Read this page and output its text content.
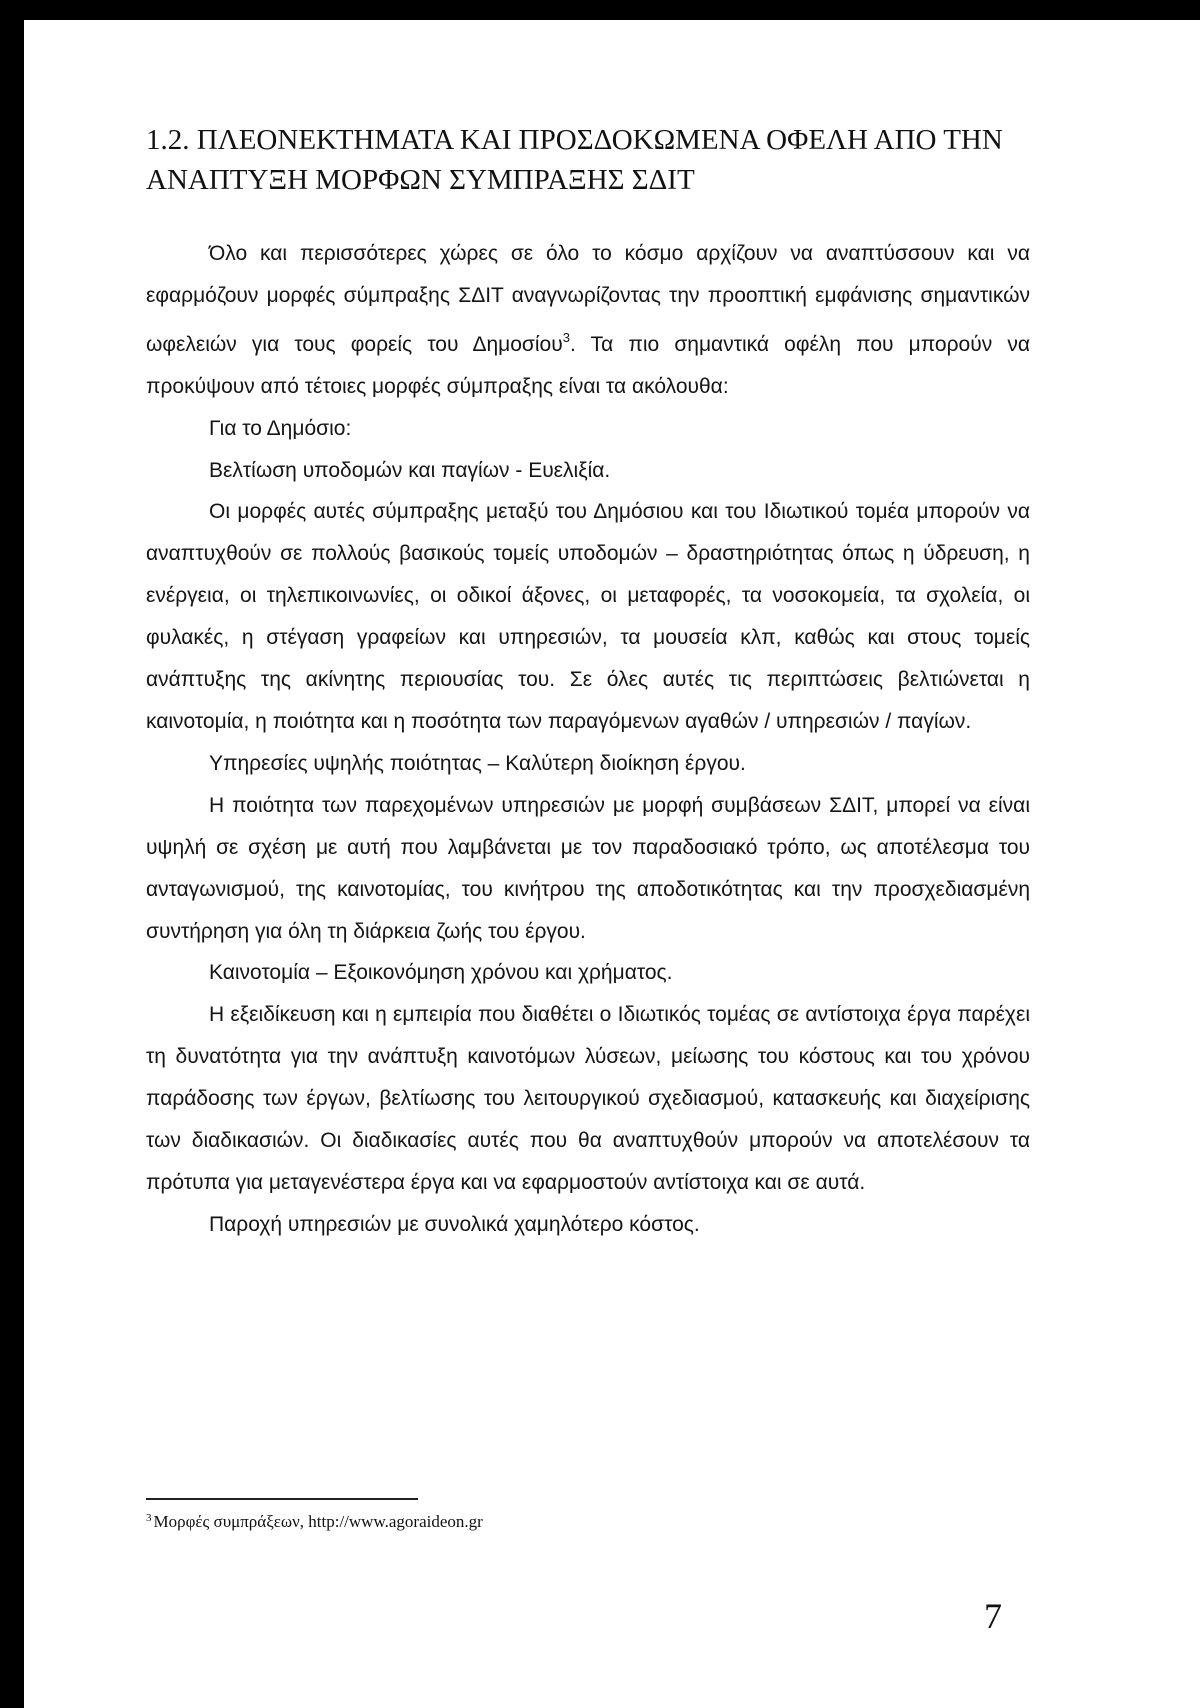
1.2. ΠΛΕΟΝΕΚΤΗΜΑΤΑ ΚΑΙ ΠΡΟΣΔΟΚΩΜΕΝΑ ΟΦΕΛΗ ΑΠΟ ΤΗΝ
ΑΝΑΠΤΥΞΗ ΜΟΡΦΩΝ ΣΥΜΠΡΑΞΗΣ ΣΔΙΤ

Όλο και περισσότερες χώρες σε όλο το κόσμο αρχίζουν να αναπτύσσουν και να εφαρμόζουν μορφές σύμπραξης ΣΔΙΤ αναγνωρίζοντας την προοπτική εμφάνισης σημαντικών ωφελειών για τους φορείς του Δημοσίου$^3$. Τα πιο σημαντικά οφέλη που μπορούν να προκύψουν από τέτοιες μορφές σύμπραξης είναι τα ακόλουθα:

Για το Δημόσιο:

Βελτίωση υποδομών και παγίων - Ευελιξία.

Οι μορφές αυτές σύμπραξης μεταξύ του Δημόσιου και του Ιδιωτικού τομέα μπορούν να αναπτυχθούν σε πολλούς βασικούς τομείς υποδομών – δραστηριότητας όπως η ύδρευση, η ενέργεια, οι τηλεπικοινωνίες, οι οδικοί άξονες, οι μεταφορές, τα νοσοκομεία, τα σχολεία, οι φυλακές, η στέγαση γραφείων και υπηρεσιών, τα μουσεία κλπ, καθώς και στους τομείς ανάπτυξης της ακίνητης περιουσίας του. Σε όλες αυτές τις περιπτώσεις βελτιώνεται η καινοτομία, η ποιότητα και η ποσότητα των παραγόμενων αγαθών / υπηρεσιών / παγίων.

Υπηρεσίες υψηλής ποιότητας – Καλύτερη διοίκηση έργου.

Η ποιότητα των παρεχομένων υπηρεσιών με μορφή συμβάσεων ΣΔΙΤ, μπορεί να είναι υψηλή σε σχέση με αυτή που λαμβάνεται με τον παραδοσιακό τρόπο, ως αποτέλεσμα του ανταγωνισμού, της καινοτομίας, του κινήτρου της αποδοτικότητας και την προσχεδιασμένη συντήρηση για όλη τη διάρκεια ζωής του έργου.

Καινοτομία – Εξοικονόμηση χρόνου και χρήματος.

Η εξειδίκευση και η εμπειρία που διαθέτει ο Ιδιωτικός τομέας σε αντίστοιχα έργα παρέχει τη δυνατότητα για την ανάπτυξη καινοτόμων λύσεων, μείωσης του κόστους και του χρόνου παράδοσης των έργων, βελτίωσης του λειτουργικού σχεδιασμού, κατασκευής και διαχείρισης των διαδικασιών. Οι διαδικασίες αυτές που θα αναπτυχθούν μπορούν να αποτελέσουν τα πρότυπα για μεταγενέστερα έργα και να εφαρμοστούν αντίστοιχα και σε αυτά.

Παροχή υπηρεσιών με συνολικά χαμηλότερο κόστος.

$^3$ Μορφές συμπράξεων, http://www.agoraideon.gr
7
